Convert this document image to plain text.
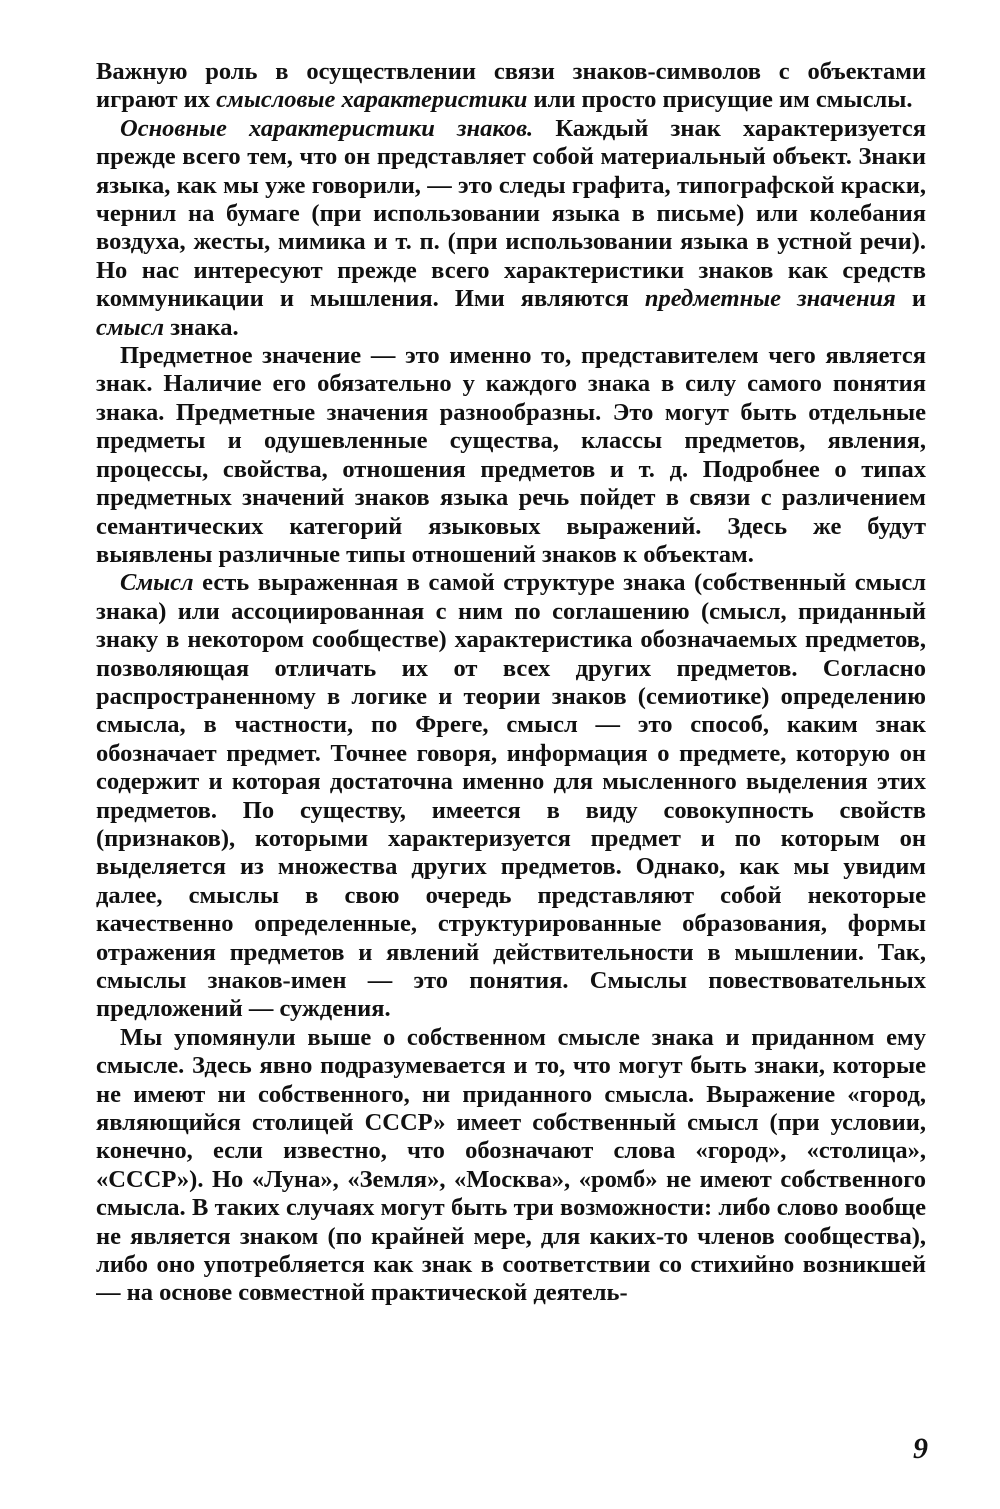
Важную роль в осуществлении связи знаков-символов с объектами играют их смысловые характеристики или просто присущие им смыслы.

Основные характеристики знаков. Каждый знак характеризуется прежде всего тем, что он представляет собой материальный объект. Знаки языка, как мы уже говорили, — это следы графита, типографской краски, чернил на бумаге (при использовании языка в письме) или колебания воздуха, жесты, мимика и т. п. (при использовании языка в устной речи). Но нас интересуют прежде всего характеристики знаков как средств коммуникации и мышления. Ими являются предметные значения и смысл знака.

Предметное значение — это именно то, представителем чего является знак. Наличие его обязательно у каждого знака в силу самого понятия знака. Предметные значения разнообразны. Это могут быть отдельные предметы и одушевленные существа, классы предметов, явления, процессы, свойства, отношения предметов и т. д. Подробнее о типах предметных значений знаков языка речь пойдет в связи с различением семантических категорий языковых выражений. Здесь же будут выявлены различные типы отношений знаков к объектам.

Смысл есть выраженная в самой структуре знака (собственный смысл знака) или ассоциированная с ним по соглашению (смысл, приданный знаку в некотором сообществе) характеристика обозначаемых предметов, позволяющая отличать их от всех других предметов. Согласно распространенному в логике и теории знаков (семиотике) определению смысла, в частности, по Фреге, смысл — это способ, каким знак обозначает предмет. Точнее говоря, информация о предмете, которую он содержит и которая достаточна именно для мысленного выделения этих предметов. По существу, имеется в виду совокупность свойств (признаков), которыми характеризуется предмет и по которым он выделяется из множества других предметов. Однако, как мы увидим далее, смыслы в свою очередь представляют собой некоторые качественно определенные, структурированные образования, формы отражения предметов и явлений действительности в мышлении. Так, смыслы знаков-имен — это понятия. Смыслы повествовательных предложений — суждения.

Мы упомянули выше о собственном смысле знака и приданном ему смысле. Здесь явно подразумевается и то, что могут быть знаки, которые не имеют ни собственного, ни приданного смысла. Выражение «город, являющийся столицей СССР» имеет собственный смысл (при условии, конечно, если известно, что обозначают слова «город», «столица», «СССР»). Но «Луна», «Земля», «Москва», «ромб» не имеют собственного смысла. В таких случаях могут быть три возможности: либо слово вообще не является знаком (по крайней мере, для каких-то членов сообщества), либо оно употребляется как знак в соответствии со стихийно возникшей — на основе совместной практической деятель-

9
